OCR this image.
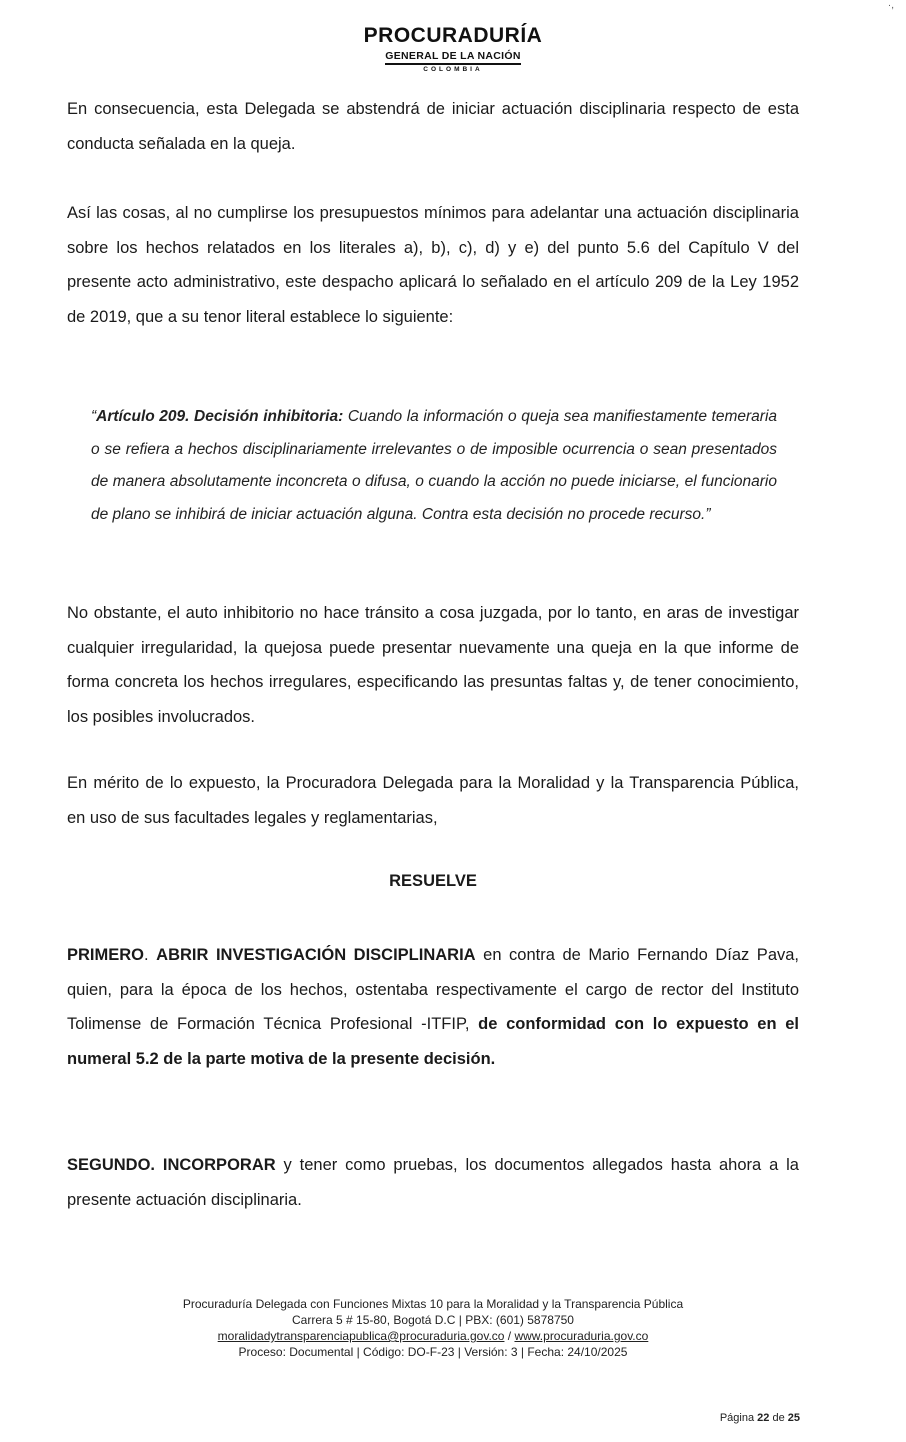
·,
PROCURADURÍA
GENERAL DE LA NACIÓN
COLOMBIA
En consecuencia, esta Delegada se abstendrá de iniciar actuación disciplinaria respecto de esta conducta señalada en la queja.
Así las cosas, al no cumplirse los presupuestos mínimos para adelantar una actuación disciplinaria sobre los hechos relatados en los literales a), b), c), d) y e) del punto 5.6 del Capítulo V del presente acto administrativo, este despacho aplicará lo señalado en el artículo 209 de la Ley 1952 de 2019, que a su tenor literal establece lo siguiente:
“Artículo 209. Decisión inhibitoria: Cuando la información o queja sea manifiestamente temeraria o se refiera a hechos disciplinariamente irrelevantes o de imposible ocurrencia o sean presentados de manera absolutamente inconcreta o difusa, o cuando la acción no puede iniciarse, el funcionario de plano se inhibirá de iniciar actuación alguna. Contra esta decisión no procede recurso.”
No obstante, el auto inhibitorio no hace tránsito a cosa juzgada, por lo tanto, en aras de investigar cualquier irregularidad, la quejosa puede presentar nuevamente una queja en la que informe de forma concreta los hechos irregulares, especificando las presuntas faltas y, de tener conocimiento, los posibles involucrados.
En mérito de lo expuesto, la Procuradora Delegada para la Moralidad y la Transparencia Pública, en uso de sus facultades legales y reglamentarias,
RESUELVE
PRIMERO. ABRIR INVESTIGACIÓN DISCIPLINARIA en contra de Mario Fernando Díaz Pava, quien, para la época de los hechos, ostentaba respectivamente el cargo de rector del Instituto Tolimense de Formación Técnica Profesional -ITFIP, de conformidad con lo expuesto en el numeral 5.2 de la parte motiva de la presente decisión.
SEGUNDO. INCORPORAR y tener como pruebas, los documentos allegados hasta ahora a la presente actuación disciplinaria.
Procuraduría Delegada con Funciones Mixtas 10 para la Moralidad y la Transparencia Pública
Carrera 5 # 15-80, Bogotá D.C | PBX: (601) 5878750
moralidadytransparenciapublica@procuraduria.gov.co / www.procuraduria.gov.co
Proceso: Documental | Código: DO-F-23 | Versión: 3 | Fecha: 24/10/2025
Página 22 de 25
